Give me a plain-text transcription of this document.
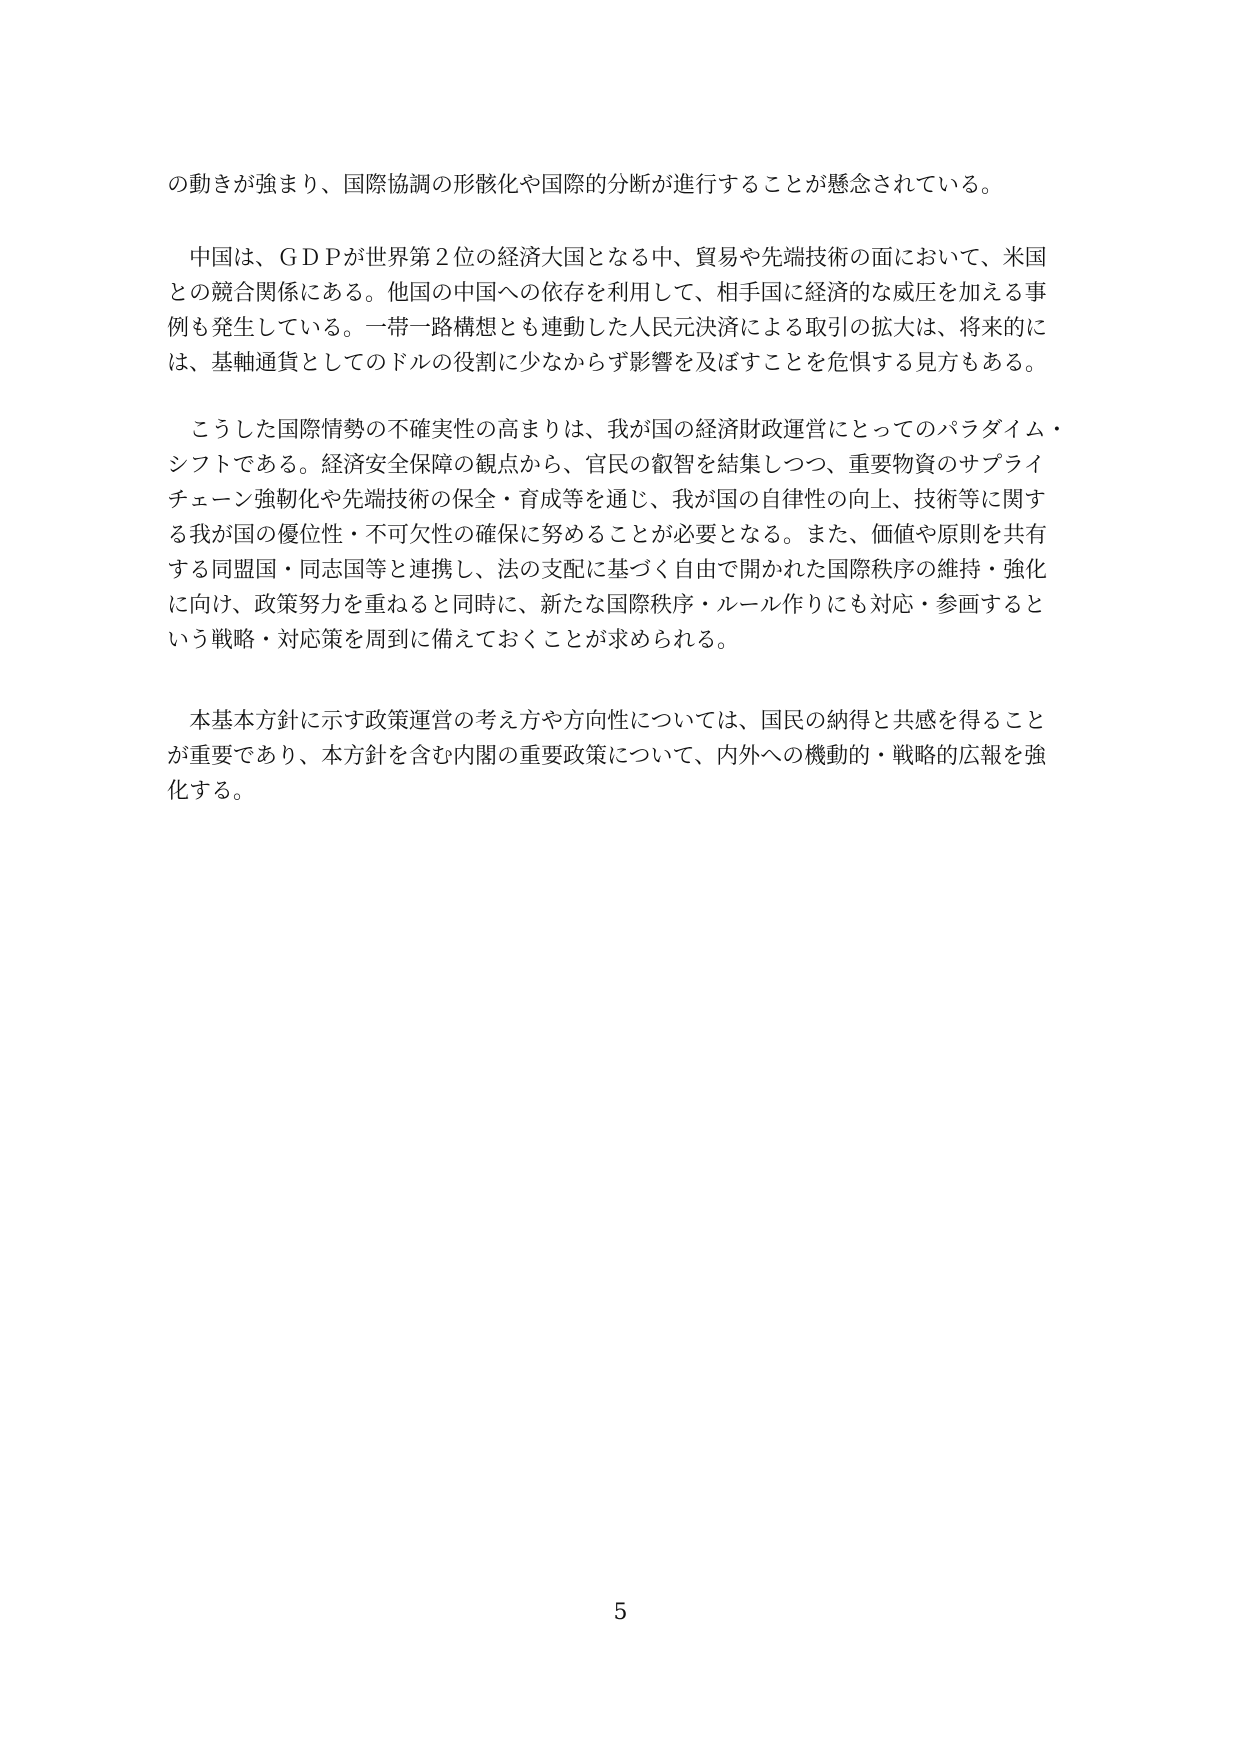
の動きが強まり、国際協調の形骸化や国際的分断が進行することが懸念されている。
　中国は、ＧＤＰが世界第２位の経済大国となる中、貿易や先端技術の面において、米国
との競合関係にある。他国の中国への依存を利用して、相手国に経済的な威圧を加える事
例も発生している。一帯一路構想とも連動した人民元決済による取引の拡大は、将来的に
は、基軸通貨としてのドルの役割に少なからず影響を及ぼすことを危惧する見方もある。
　こうした国際情勢の不確実性の高まりは、我が国の経済財政運営にとってのパラダイム・
シフトである。経済安全保障の観点から、官民の叡智を結集しつつ、重要物資のサプライ
チェーン強靭化や先端技術の保全・育成等を通じ、我が国の自律性の向上、技術等に関す
る我が国の優位性・不可欠性の確保に努めることが必要となる。また、価値や原則を共有
する同盟国・同志国等と連携し、法の支配に基づく自由で開かれた国際秩序の維持・強化
に向け、政策努力を重ねると同時に、新たな国際秩序・ルール作りにも対応・参画すると
いう戦略・対応策を周到に備えておくことが求められる。
　本基本方針に示す政策運営の考え方や方向性については、国民の納得と共感を得ること
が重要であり、本方針を含む内閣の重要政策について、内外への機動的・戦略的広報を強
化する。
5
